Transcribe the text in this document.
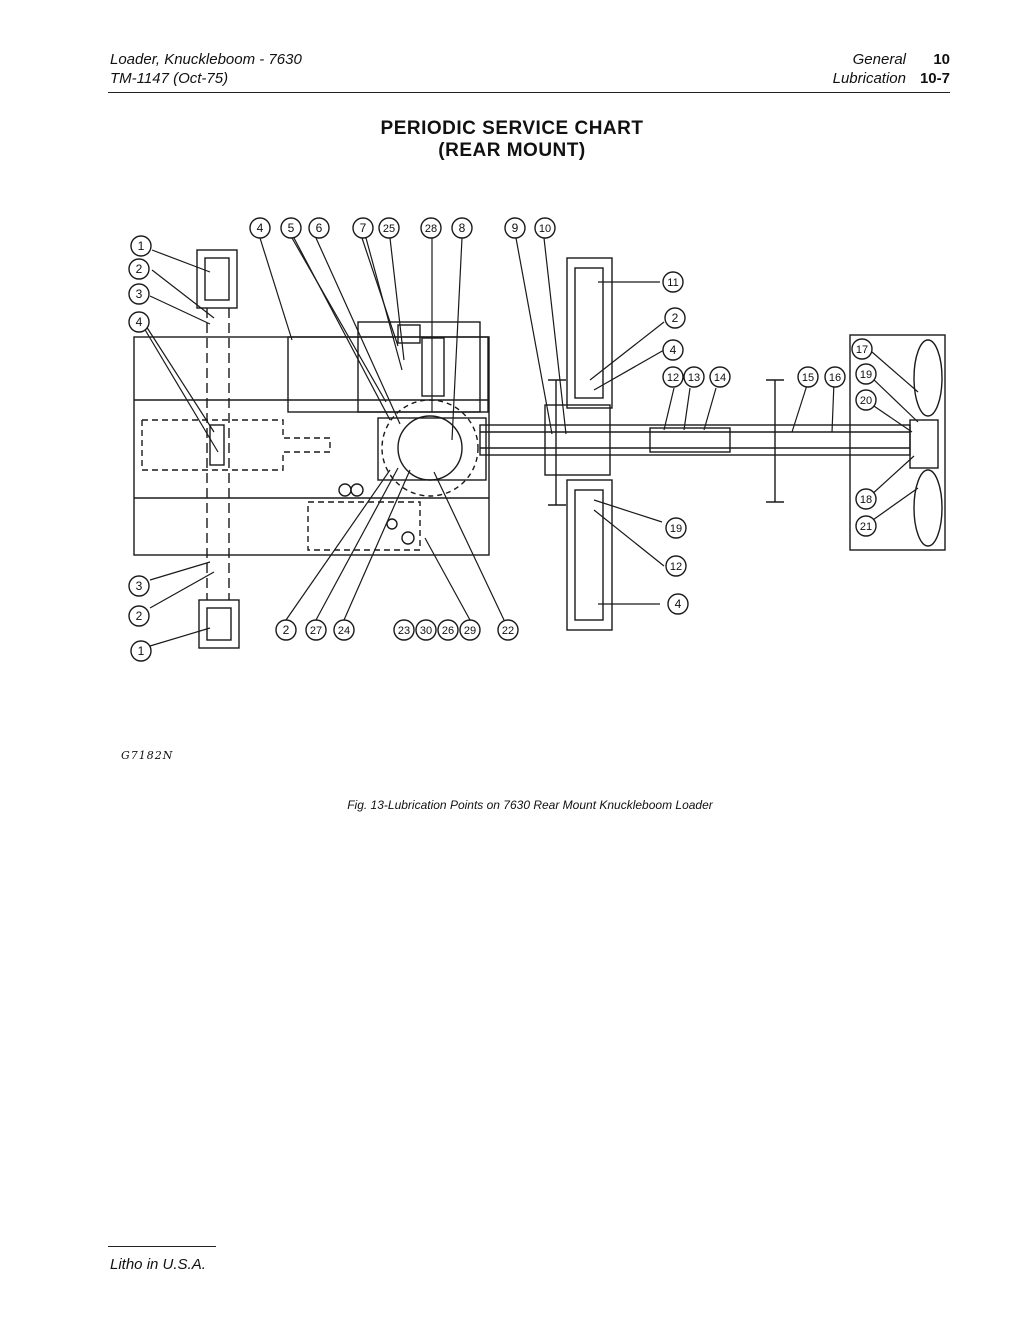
Loader, Knuckleboom - 7630
TM-1147 (Oct-75)
General	10
Lubrication 10-7
PERIODIC SERVICE CHART
(REAR MOUNT)
1
2
3
4
1
2
3
4 5 6	7 25	28 8	9 10
11
2
4
12 13 14	15 16
17
19
20
18
21
19
12
4
2 27 24	23 30 26 29 22
G7182N
Fig. 13-Lubrication Points on 7630 Rear Mount Knuckleboom Loader
Litho in U.S.A.
